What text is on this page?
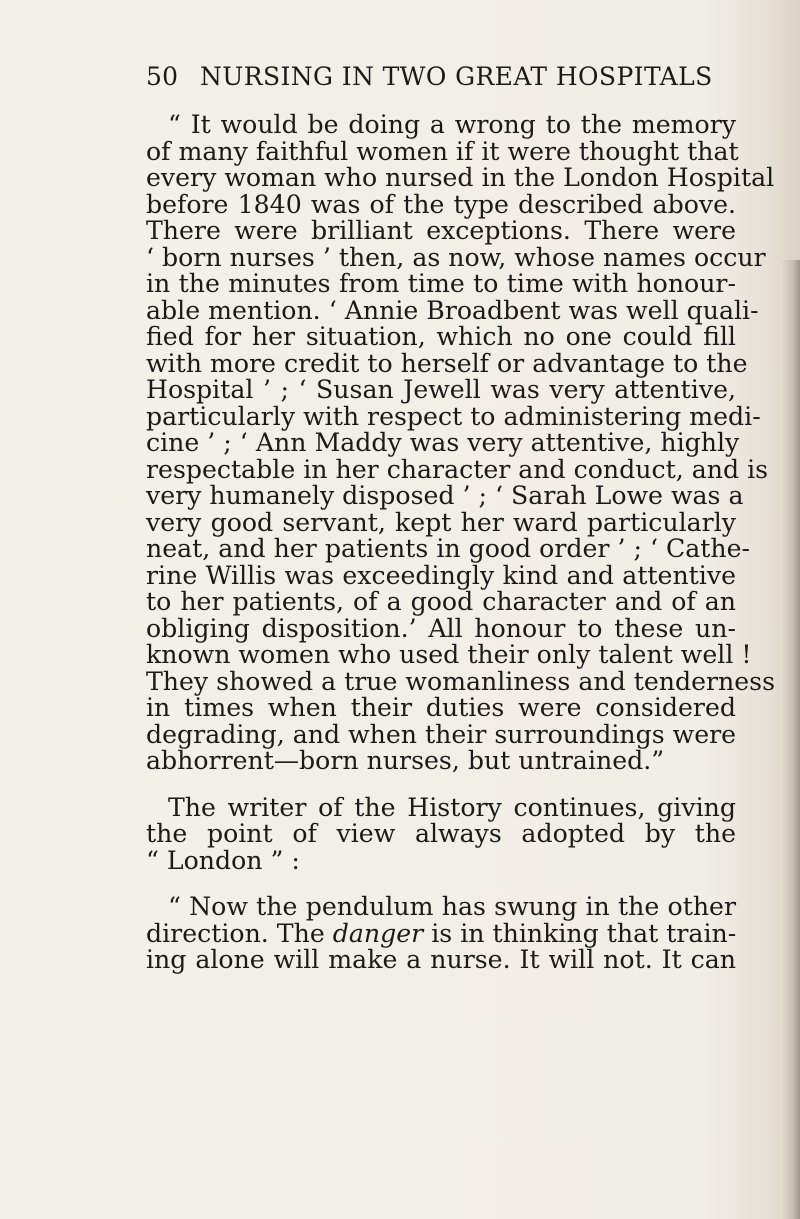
50 NURSING IN TWO GREAT HOSPITALS
“ It would be doing a wrong to the memory
of many faithful women if it were thought that
every woman who nursed in the London Hospital
before 1840 was of the type described above.
There were brilliant exceptions. There were
‘ born nurses ’ then, as now, whose names occur
in the minutes from time to time with honour-
able mention. ‘ Annie Broadbent was well quali-
fied for her situation, which no one could fill
with more credit to herself or advantage to the
Hospital ’ ; ‘ Susan Jewell was very attentive,
particularly with respect to administering medi-
cine ’ ; ‘ Ann Maddy was very attentive, highly
respectable in her character and conduct, and is
very humanely disposed ’ ; ‘ Sarah Lowe was a
very good servant, kept her ward particularly
neat, and her patients in good order ’ ; ‘ Cathe-
rine Willis was exceedingly kind and attentive
to her patients, of a good character and of an
obliging disposition.’ All honour to these un-
known women who used their only talent well !
They showed a true womanliness and tenderness
in times when their duties were considered
degrading, and when their surroundings were
abhorrent—born nurses, but untrained.”
The writer of the History continues, giving
the point of view always adopted by the
“ London ” :
“ Now the pendulum has swung in the other
direction. The danger is in thinking that train-
ing alone will make a nurse. It will not. It can
